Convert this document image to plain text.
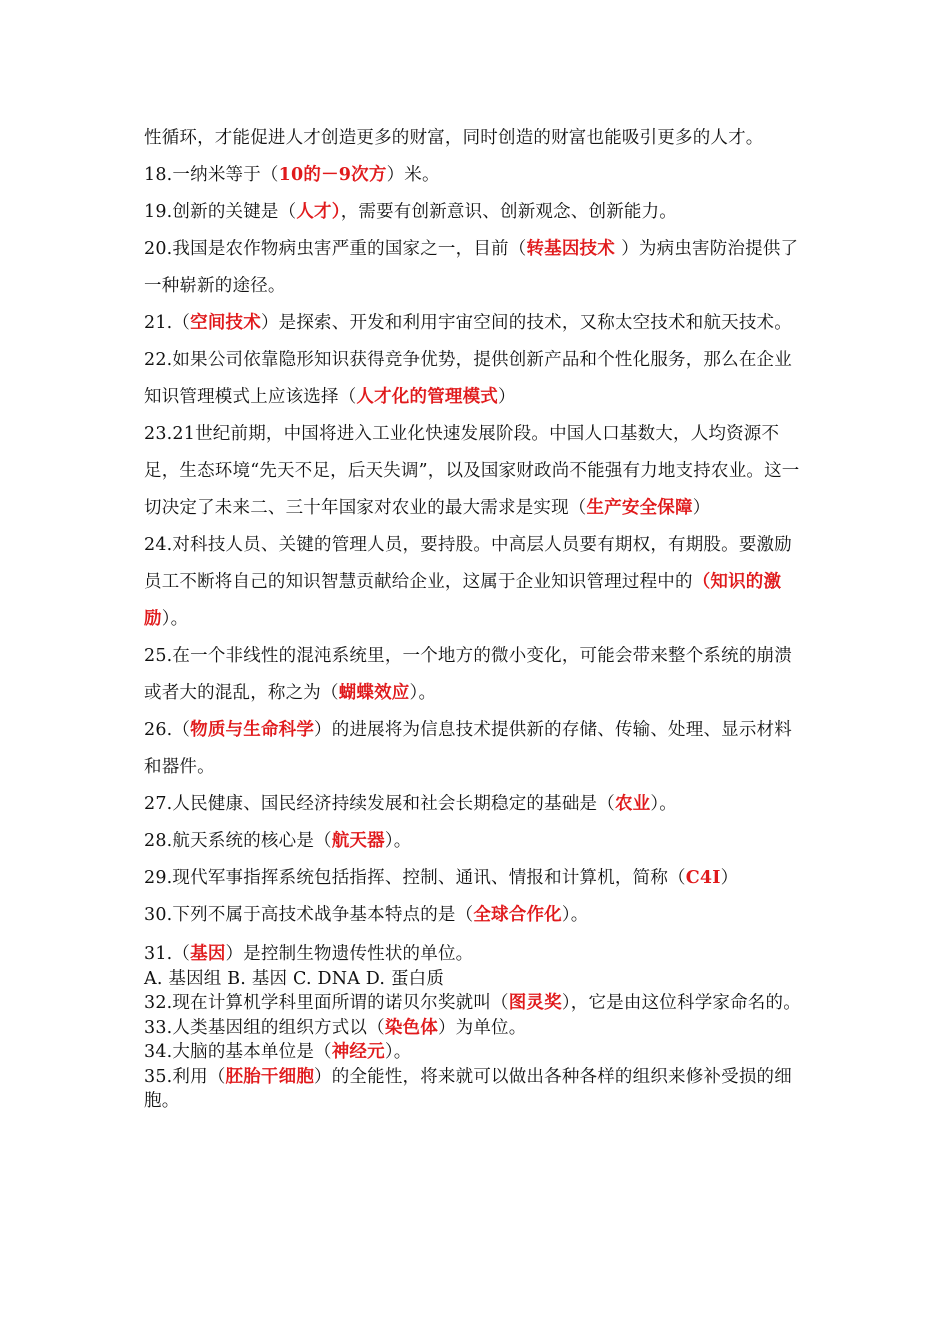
性循环，才能促进人才创造更多的财富，同时创造的财富也能吸引更多的人才。

18.一纳米等于（10的－9次方）米。

19.创新的关键是（人才），需要有创新意识、创新观念、创新能力。

20.我国是农作物病虫害严重的国家之一，目前（转基因技术 ）为病虫害防治提供了一种崭新的途径。

21.（空间技术）是探索、开发和利用宇宙空间的技术，又称太空技术和航天技术。

22.如果公司依靠隐形知识获得竞争优势，提供创新产品和个性化服务，那么在企业知识管理模式上应该选择（人才化的管理模式）

23.21世纪前期，中国将进入工业化快速发展阶段。中国人口基数大，人均资源不足，生态环境“先天不足，后天失调”，以及国家财政尚不能强有力地支持农业。这一切决定了未来二、三十年国家对农业的最大需求是实现（生产安全保障）

24.对科技人员、关键的管理人员，要持股。中高层人员要有期权，有期股。要激励员工不断将自己的知识智慧贡献给企业，这属于企业知识管理过程中的（知识的激励）。

25.在一个非线性的混沌系统里，一个地方的微小变化，可能会带来整个系统的崩溃或者大的混乱，称之为（蝴蝶效应）。

26.（物质与生命科学）的进展将为信息技术提供新的存储、传输、处理、显示材料和器件。

27.人民健康、国民经济持续发展和社会长期稳定的基础是（农业）。

28.航天系统的核心是（航天器）。

29.现代军事指挥系统包括指挥、控制、通讯、情报和计算机，简称（C4I）

30.下列不属于高技术战争基本特点的是（全球合作化）。

31.（基因）是控制生物遗传性状的单位。

A. 基因组 B. 基因 C. DNA D. 蛋白质

32.现在计算机学科里面所谓的诺贝尔奖就叫（图灵奖），它是由这位科学家命名的。

33.人类基因组的组织方式以（染色体）为单位。

34.大脑的基本单位是（神经元）。

35.利用（胚胎干细胞）的全能性，将来就可以做出各种各样的组织来修补受损的细胞。
